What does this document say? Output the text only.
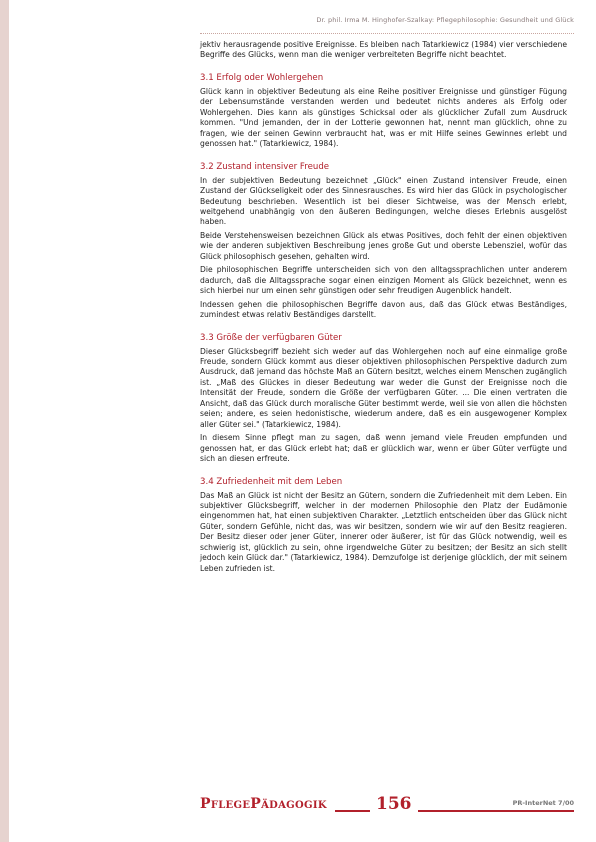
Dr. phil. Irma M. Hinghofer-Szalkay: Pflegephilosophie: Gesundheit und Glück

jektiv herausragende positive Ereignisse. Es bleiben nach Tatarkiewicz (1984) vier verschiedene Begriffe des Glücks, wenn man die weniger verbreiteten Begriffe nicht beachtet.

3.1 Erfolg oder Wohlergehen

Glück kann in objektiver Bedeutung als eine Reihe positiver Ereignisse und günstiger Fügung der Lebensumstände verstanden werden und bedeutet nichts anderes als Erfolg oder Wohlergehen. Dies kann als günstiges Schicksal oder als glücklicher Zufall zum Ausdruck kommen. "Und jemanden, der in der Lotterie gewonnen hat, nennt man glücklich, ohne zu fragen, wie der seinen Gewinn verbraucht hat, was er mit Hilfe seines Gewinnes erlebt und genossen hat." (Tatarkiewicz, 1984).

3.2 Zustand intensiver Freude

In der subjektiven Bedeutung bezeichnet „Glück" einen Zustand intensiver Freude, einen Zustand der Glückseligkeit oder des Sinnesrausches. Es wird hier das Glück in psychologischer Bedeutung beschrieben. Wesentlich ist bei dieser Sichtweise, was der Mensch erlebt, weitgehend unabhängig von den äußeren Bedingungen, welche dieses Erlebnis ausgelöst haben.

Beide Verstehensweisen bezeichnen Glück als etwas Positives, doch fehlt der einen objektiven wie der anderen subjektiven Beschreibung jenes große Gut und oberste Lebensziel, wofür das Glück philosophisch gesehen, gehalten wird.

Die philosophischen Begriffe unterscheiden sich von den alltagssprachlichen unter anderem dadurch, daß die Alltagssprache sogar einen einzigen Moment als Glück bezeichnet, wenn es sich hierbei nur um einen sehr günstigen oder sehr freudigen Augenblick handelt.

Indessen gehen die philosophischen Begriffe davon aus, daß das Glück etwas Beständiges, zumindest etwas relativ Beständiges darstellt.

3.3 Größe der verfügbaren Güter

Dieser Glücksbegriff bezieht sich weder auf das Wohlergehen noch auf eine einmalige große Freude, sondern Glück kommt aus dieser objektiven philosophischen Perspektive dadurch zum Ausdruck, daß jemand das höchste Maß an Gütern besitzt, welches einem Menschen zugänglich ist. „Maß des Glückes in dieser Bedeutung war weder die Gunst der Ereignisse noch die Intensität der Freude, sondern die Größe der verfügbaren Güter. ... Die einen vertraten die Ansicht, daß das Glück durch moralische Güter bestimmt werde, weil sie von allen die höchsten seien; andere, es seien hedonistische, wiederum andere, daß es ein ausgewogener Komplex aller Güter sei." (Tatarkiewicz, 1984).

In diesem Sinne pflegt man zu sagen, daß wenn jemand viele Freuden empfunden und genossen hat, er das Glück erlebt hat; daß er glücklich war, wenn er über Güter verfügte und sich an diesen erfreute.

3.4 Zufriedenheit mit dem Leben

Das Maß an Glück ist nicht der Besitz an Gütern, sondern die Zufriedenheit mit dem Leben. Ein subjektiver Glücksbegriff, welcher in der modernen Philosophie den Platz der Eudämonie eingenommen hat, hat einen subjektiven Charakter. „Letztlich entscheiden über das Glück nicht Güter, sondern Gefühle, nicht das, was wir besitzen, sondern wie wir auf den Besitz reagieren. Der Besitz dieser oder jener Güter, innerer oder äußerer, ist für das Glück notwendig, weil es schwierig ist, glücklich zu sein, ohne irgendwelche Güter zu besitzen; der Besitz an sich stellt jedoch kein Glück dar." (Tatarkiewicz, 1984). Demzufolge ist derjenige glücklich, der mit seinem Leben zufrieden ist.

PflegePädagogik	156	PR-InterNet 7/00
